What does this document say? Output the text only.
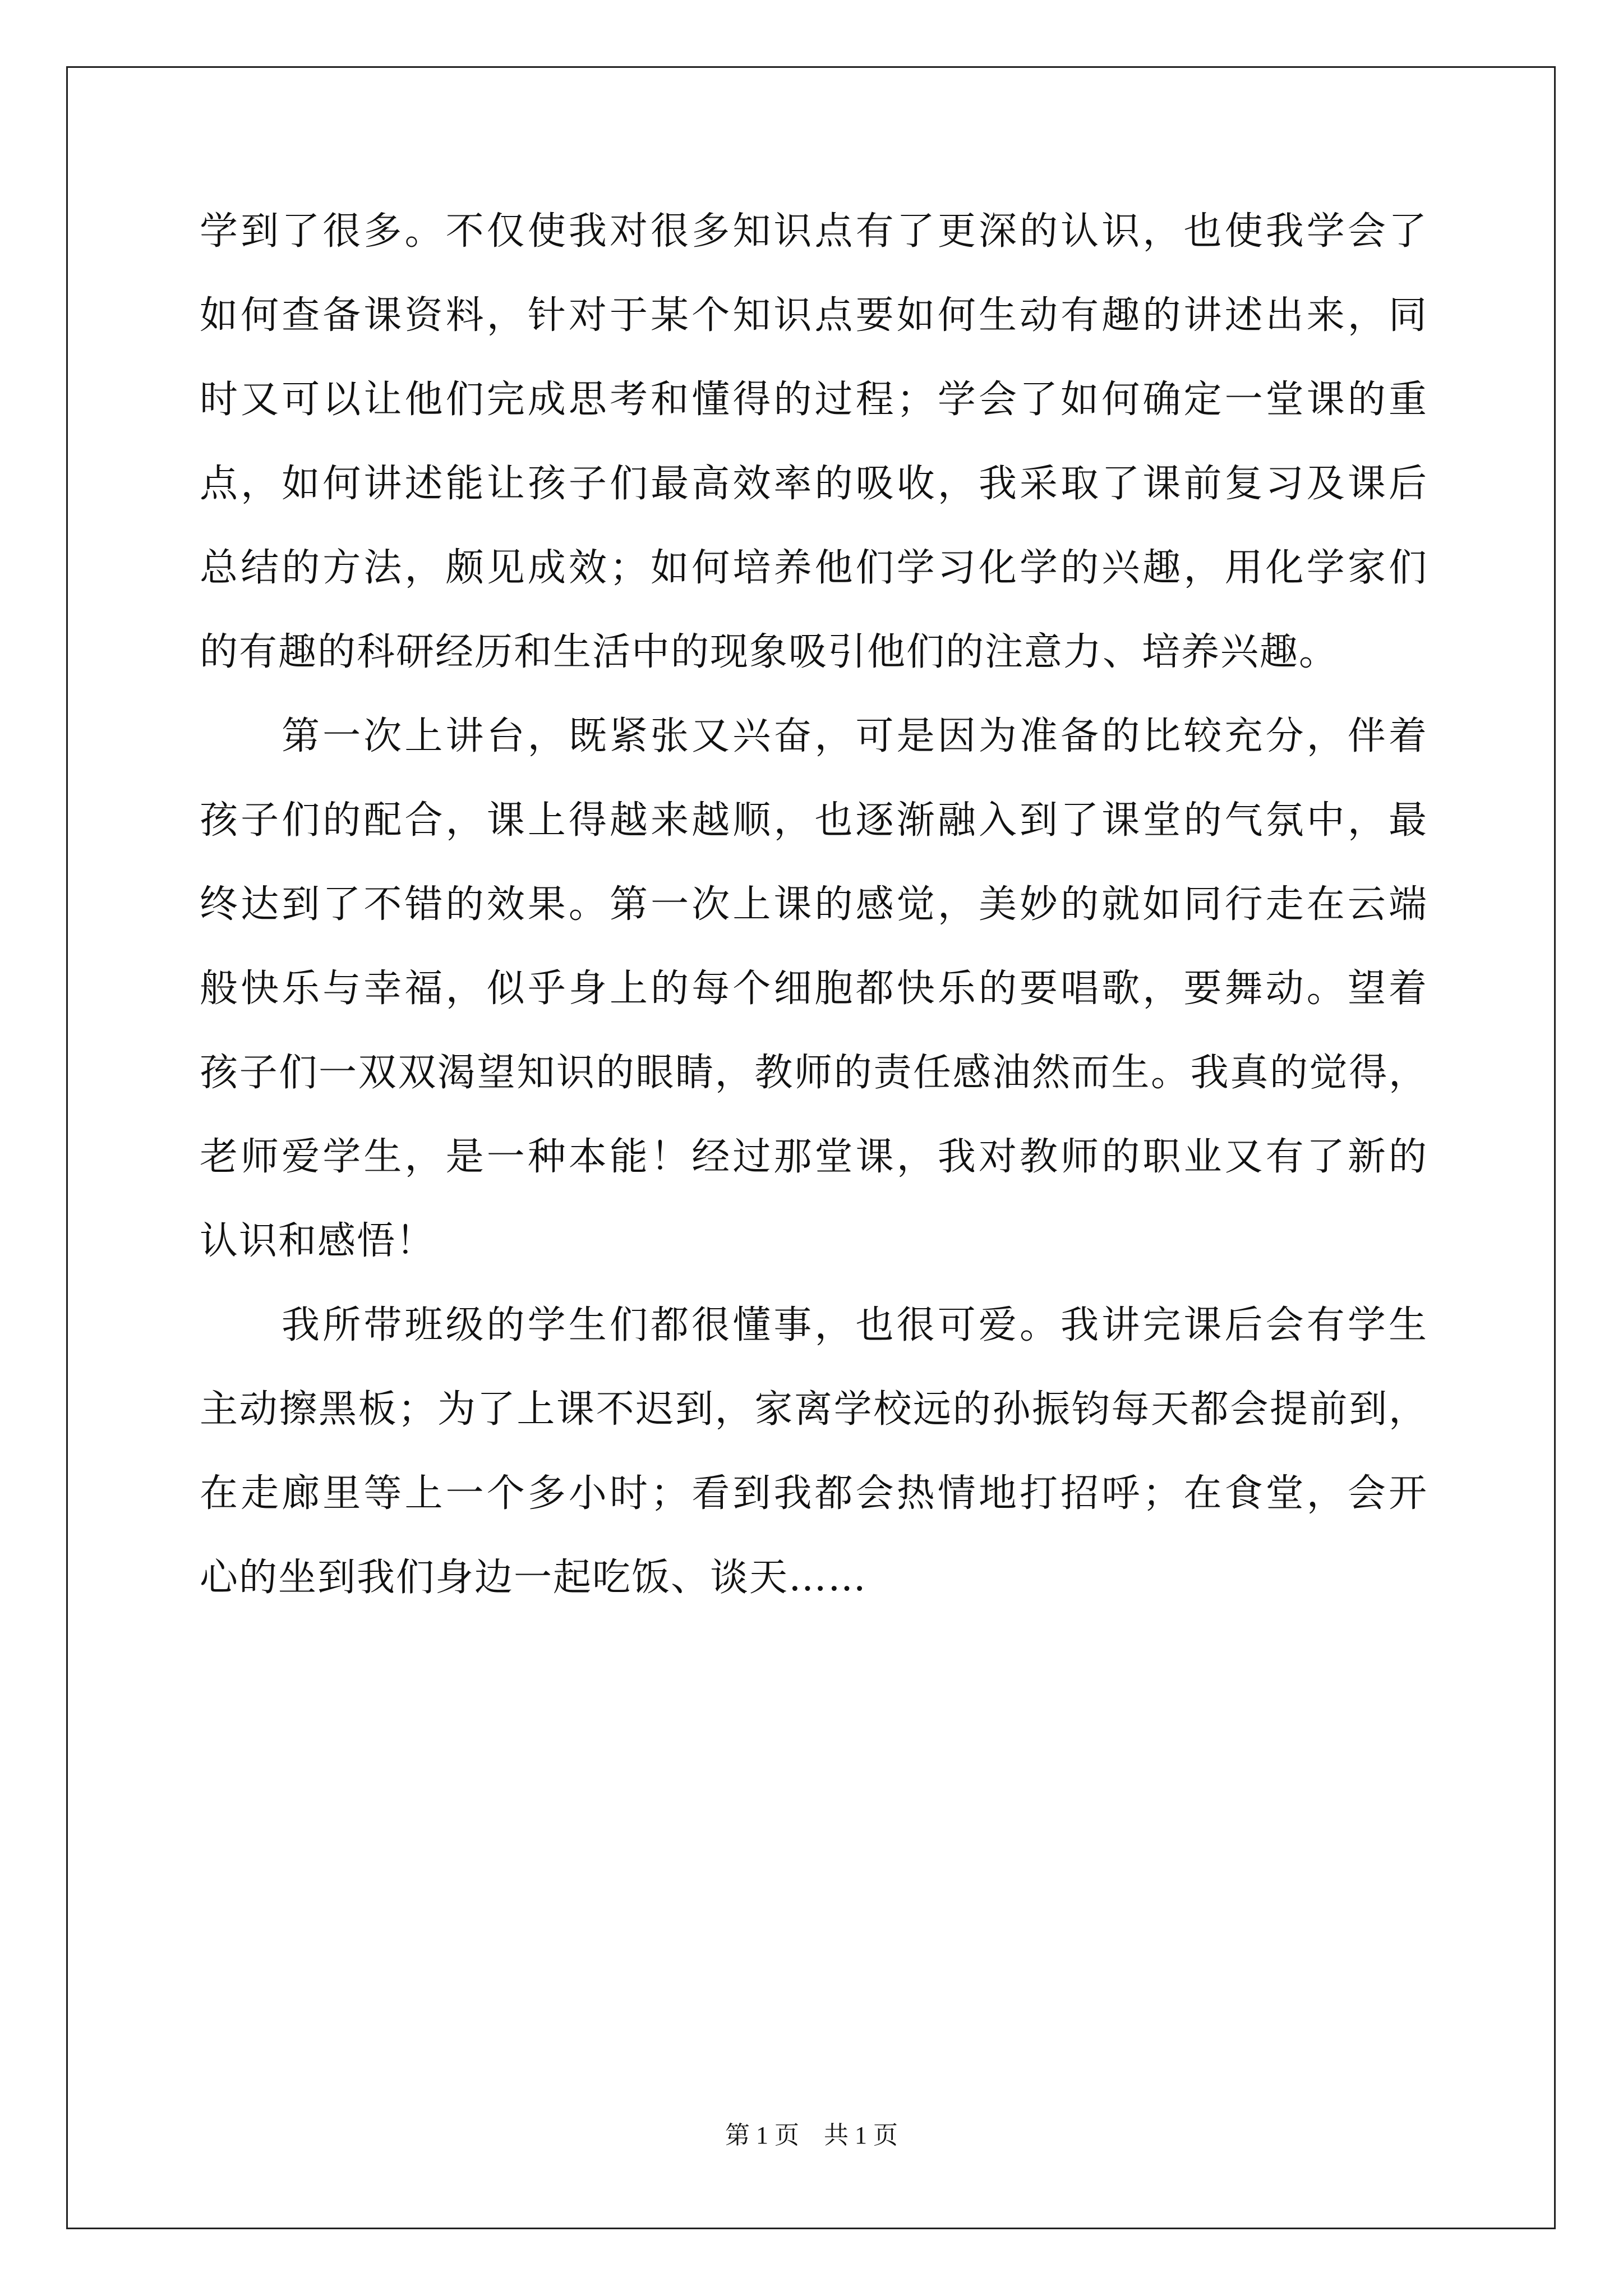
学到了很多。不仅使我对很多知识点有了更深的认识，也使我学会了
如何查备课资料，针对于某个知识点要如何生动有趣的讲述出来，同
时又可以让他们完成思考和懂得的过程；学会了如何确定一堂课的重
点，如何讲述能让孩子们最高效率的吸收，我采取了课前复习及课后
总结的方法，颇见成效；如何培养他们学习化学的兴趣，用化学家们
的有趣的科研经历和生活中的现象吸引他们的注意力、培养兴趣。
第一次上讲台，既紧张又兴奋，可是因为准备的比较充分，伴着
孩子们的配合，课上得越来越顺，也逐渐融入到了课堂的气氛中，最
终达到了不错的效果。第一次上课的感觉，美妙的就如同行走在云端
般快乐与幸福，似乎身上的每个细胞都快乐的要唱歌，要舞动。望着
孩子们一双双渴望知识的眼睛，教师的责任感油然而生。我真的觉得，
老师爱学生，是一种本能！经过那堂课，我对教师的职业又有了新的
认识和感悟！
我所带班级的学生们都很懂事，也很可爱。我讲完课后会有学生
主动擦黑板；为了上课不迟到，家离学校远的孙振钧每天都会提前到，
在走廊里等上一个多小时；看到我都会热情地打招呼；在食堂，会开
心的坐到我们身边一起吃饭、谈天……
第 1 页　共 1 页
